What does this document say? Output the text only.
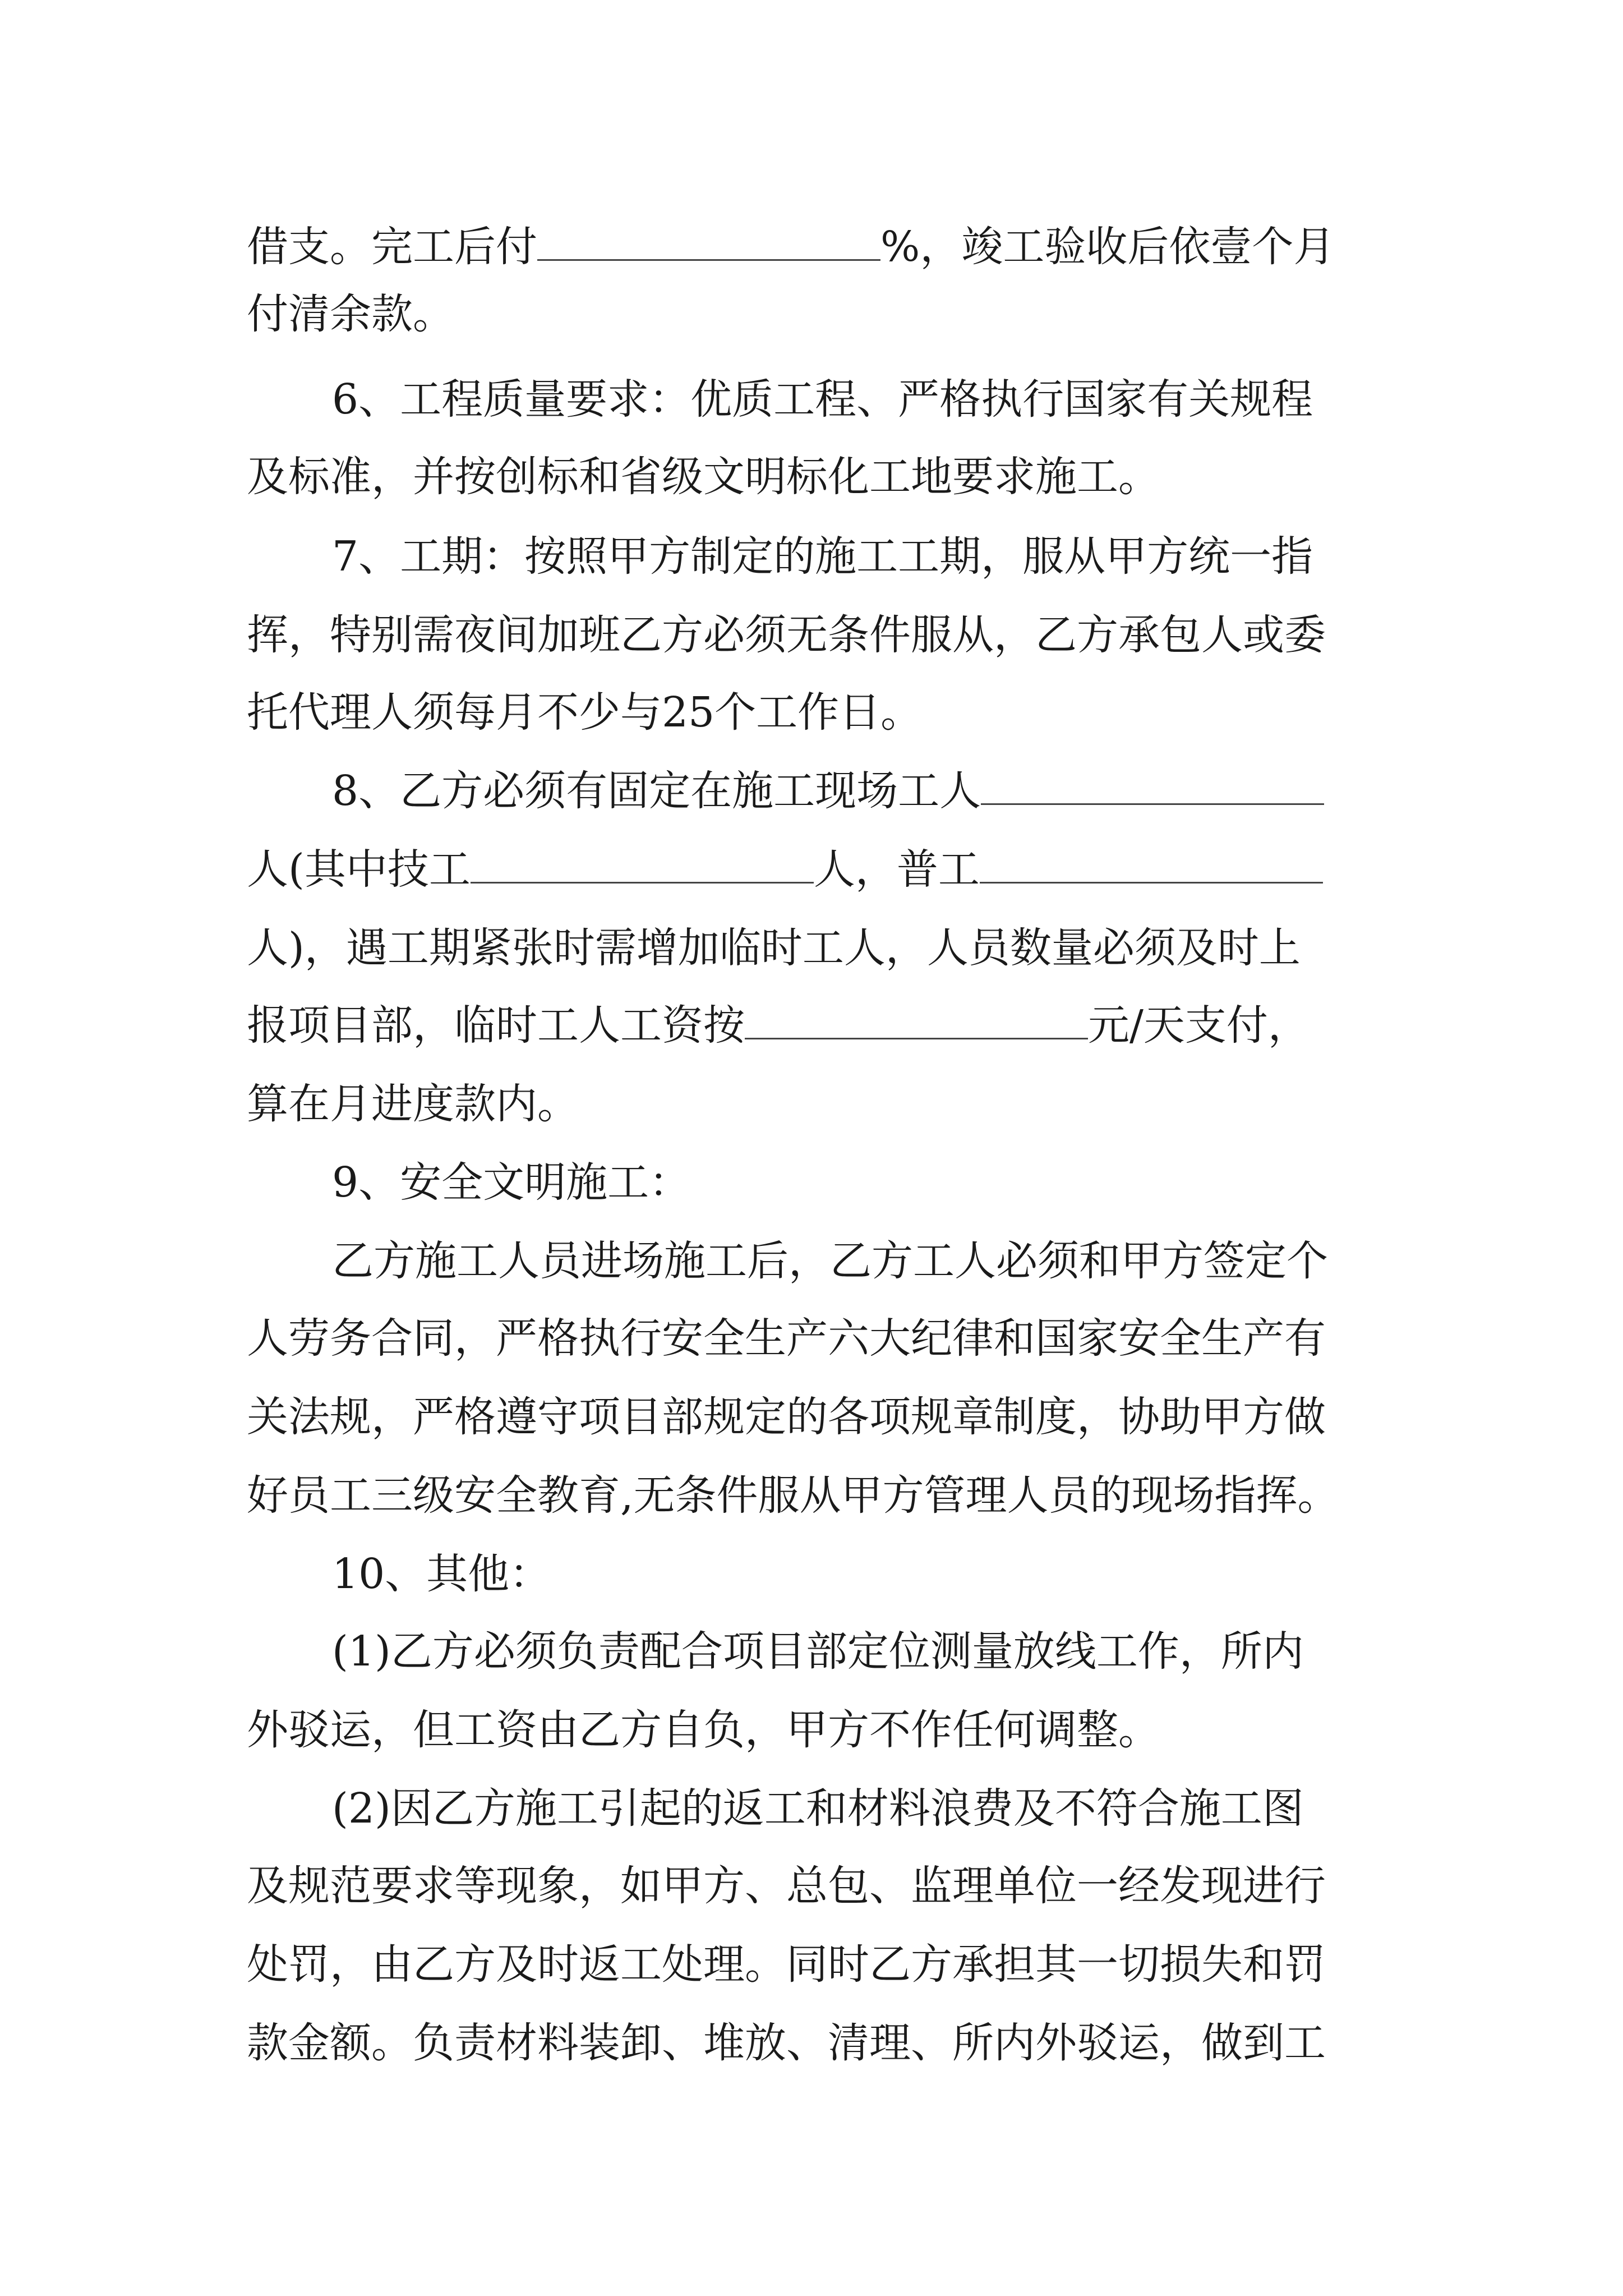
借支。完工后付	%，竣工验收后依壹个月
付清余款。
6、工程质量要求：优质工程、严格执行国家有关规程
及标准，并按创标和省级文明标化工地要求施工。
7、工期：按照甲方制定的施工工期，服从甲方统一指
挥，特别需夜间加班乙方必须无条件服从，乙方承包人或委
托代理人须每月不少与25个工作日。
8、乙方必须有固定在施工现场工人
人(其中技工	人，普工
人)，遇工期紧张时需增加临时工人，人员数量必须及时上
报项目部，临时工人工资按	元/天支付，
算在月进度款内。
9、安全文明施工：
乙方施工人员进场施工后，乙方工人必须和甲方签定个
人劳务合同，严格执行安全生产六大纪律和国家安全生产有
关法规，严格遵守项目部规定的各项规章制度，协助甲方做
好员工三级安全教育,无条件服从甲方管理人员的现场指挥。
10、其他：
(1)乙方必须负责配合项目部定位测量放线工作，所内
外驳运，但工资由乙方自负，甲方不作任何调整。
(2)因乙方施工引起的返工和材料浪费及不符合施工图
及规范要求等现象，如甲方、总包、监理单位一经发现进行
处罚，由乙方及时返工处理。同时乙方承担其一切损失和罚
款金额。负责材料装卸、堆放、清理、所内外驳运，做到工
